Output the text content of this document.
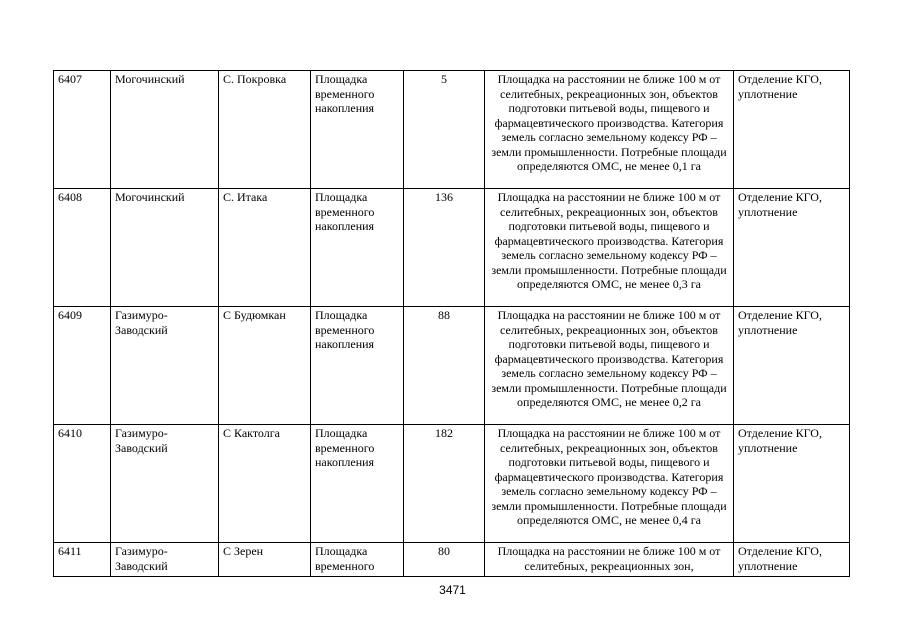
6407	Могочинский	С. Покровка	Площадка временного накопления	5	Площадка на расстоянии не ближе 100 м от селитебных, рекреационных зон, объектов подготовки питьевой воды, пищевого и фармацевтического производства. Категория земель согласно земельному кодексу РФ – земли промышленности. Потребные площади определяются ОМС, не менее 0,1 га	Отделение КГО, уплотнение
6408	Могочинский	С. Итака	Площадка временного накопления	136	Площадка на расстоянии не ближе 100 м от селитебных, рекреационных зон, объектов подготовки питьевой воды, пищевого и фармацевтического производства. Категория земель согласно земельному кодексу РФ – земли промышленности. Потребные площади определяются ОМС, не менее 0,3 га	Отделение КГО, уплотнение
6409	Газимуро-Заводский	С Будюмкан	Площадка временного накопления	88	Площадка на расстоянии не ближе 100 м от селитебных, рекреационных зон, объектов подготовки питьевой воды, пищевого и фармацевтического производства. Категория земель согласно земельному кодексу РФ – земли промышленности. Потребные площади определяются ОМС, не менее 0,2 га	Отделение КГО, уплотнение
6410	Газимуро-Заводский	С Кактолга	Площадка временного накопления	182	Площадка на расстоянии не ближе 100 м от селитебных, рекреационных зон, объектов подготовки питьевой воды, пищевого и фармацевтического производства. Категория земель согласно земельному кодексу РФ – земли промышленности. Потребные площади определяются ОМС, не менее 0,4 га	Отделение КГО, уплотнение

6411	Газимуро-Заводский	С Зерен	Площадка временного	80	Площадка на расстоянии не ближе 100 м от селитебных, рекреационных зон,	Отделение КГО, уплотнение
3471
